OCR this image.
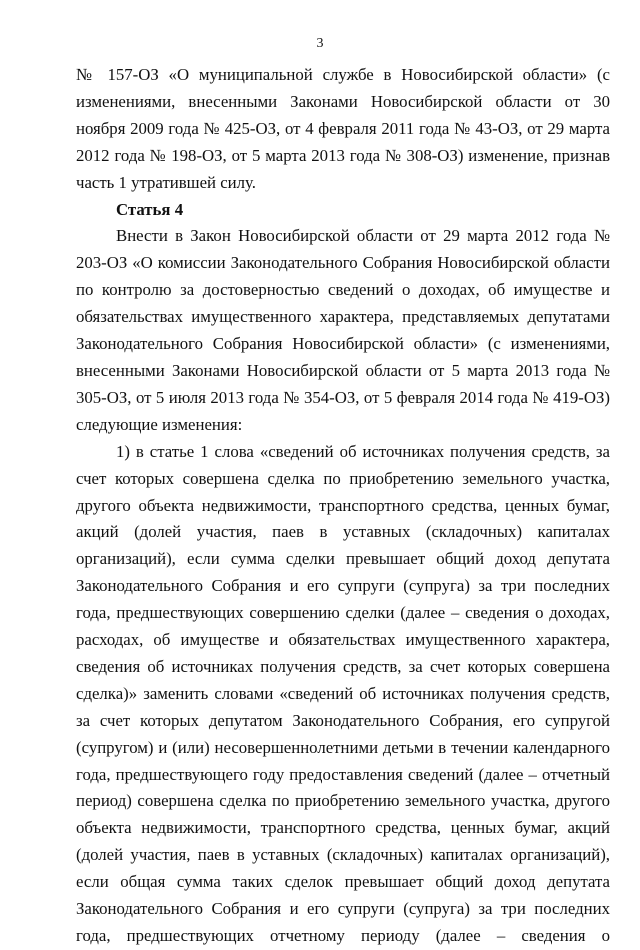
3

№ 157-ОЗ «О муниципальной службе в Новосибирской области» (с изменениями, внесенными Законами Новосибирской области от 30 ноября 2009 года № 425-ОЗ, от 4 февраля 2011 года № 43-ОЗ, от 29 марта 2012 года № 198-ОЗ, от 5 марта 2013 года № 308-ОЗ) изменение, признав часть 1 утратившей силу.

Статья 4

Внести в Закон Новосибирской области от 29 марта 2012 года № 203-ОЗ «О комиссии Законодательного Собрания Новосибирской области по контролю за достоверностью сведений о доходах, об имуществе и обязательствах имущественного характера, представляемых депутатами Законодательного Собрания Новосибирской области» (с изменениями, внесенными Законами Новосибирской области от 5 марта 2013 года № 305-ОЗ, от 5 июля 2013 года № 354-ОЗ, от 5 февраля 2014 года № 419-ОЗ) следующие изменения:

1) в статье 1 слова «сведений об источниках получения средств, за счет которых совершена сделка по приобретению земельного участка, другого объекта недвижимости, транспортного средства, ценных бумаг, акций (долей участия, паев в уставных (складочных) капиталах организаций), если сумма сделки превышает общий доход депутата Законодательного Собрания и его супруги (супруга) за три последних года, предшествующих совершению сделки (далее – сведения о доходах, расходах, об имуществе и обязательствах имущественного характера, сведения об источниках получения средств, за счет которых совершена сделка)» заменить словами «сведений об источниках получения средств, за счет которых депутатом Законодательного Собрания, его супругой (супругом) и (или) несовершеннолетними детьми в течении календарного года, предшествующего году предоставления сведений (далее – отчетный период) совершена сделка по приобретению земельного участка, другого объекта недвижимости, транспортного средства, ценных бумаг, акций (долей участия, паев в уставных (складочных) капиталах организаций), если общая сумма таких сделок превышает общий доход депутата Законодательного Собрания и его супруги (супруга) за три последних года, предшествующих отчетному периоду (далее – сведения о
